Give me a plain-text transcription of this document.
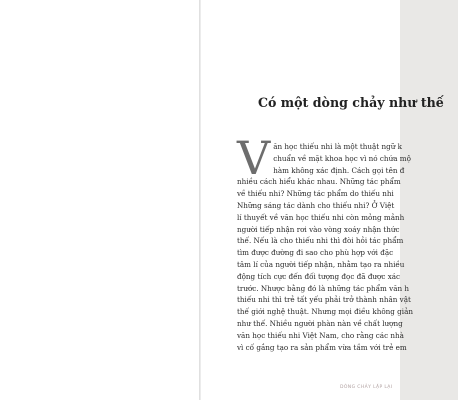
Có một dòng chảy như thế
V ăn học thiếu nhi là một thuật ngữ k
chuẩn về mặt khoa học vì nó chứa mộ
hàm không xác định. Cách gọi tên đ
nhiều cách hiểu khác nhau. Những tác phẩm
về thiếu nhi? Những tác phẩm do thiếu nhi
Những sáng tác dành cho thiếu nhi? Ở Việt
lí thuyết về văn học thiếu nhi còn mỏng mảnh
người tiếp nhận rơi vào vòng xoáy nhận thức
thế. Nếu là cho thiếu nhi thì đòi hỏi tác phẩm
tìm được đường đi sao cho phù hợp với đặc
tâm lí của người tiếp nhận, nhằm tạo ra nhiều
động tích cực đến đối tượng đọc đã được xác
trước. Nhược bằng đó là những tác phẩm văn h
thiếu nhi thì trẻ tất yếu phải trở thành nhân vật
thế giới nghệ thuật. Nhưng mọi điều không giản
như thế. Nhiều người phàn nàn về chất lượng
văn học thiếu nhi Việt Nam, cho rằng các nhà
vì cố gắng tạo ra sản phẩm vừa tầm với trẻ em
DÒNG CHẢY LẶP LẠI
